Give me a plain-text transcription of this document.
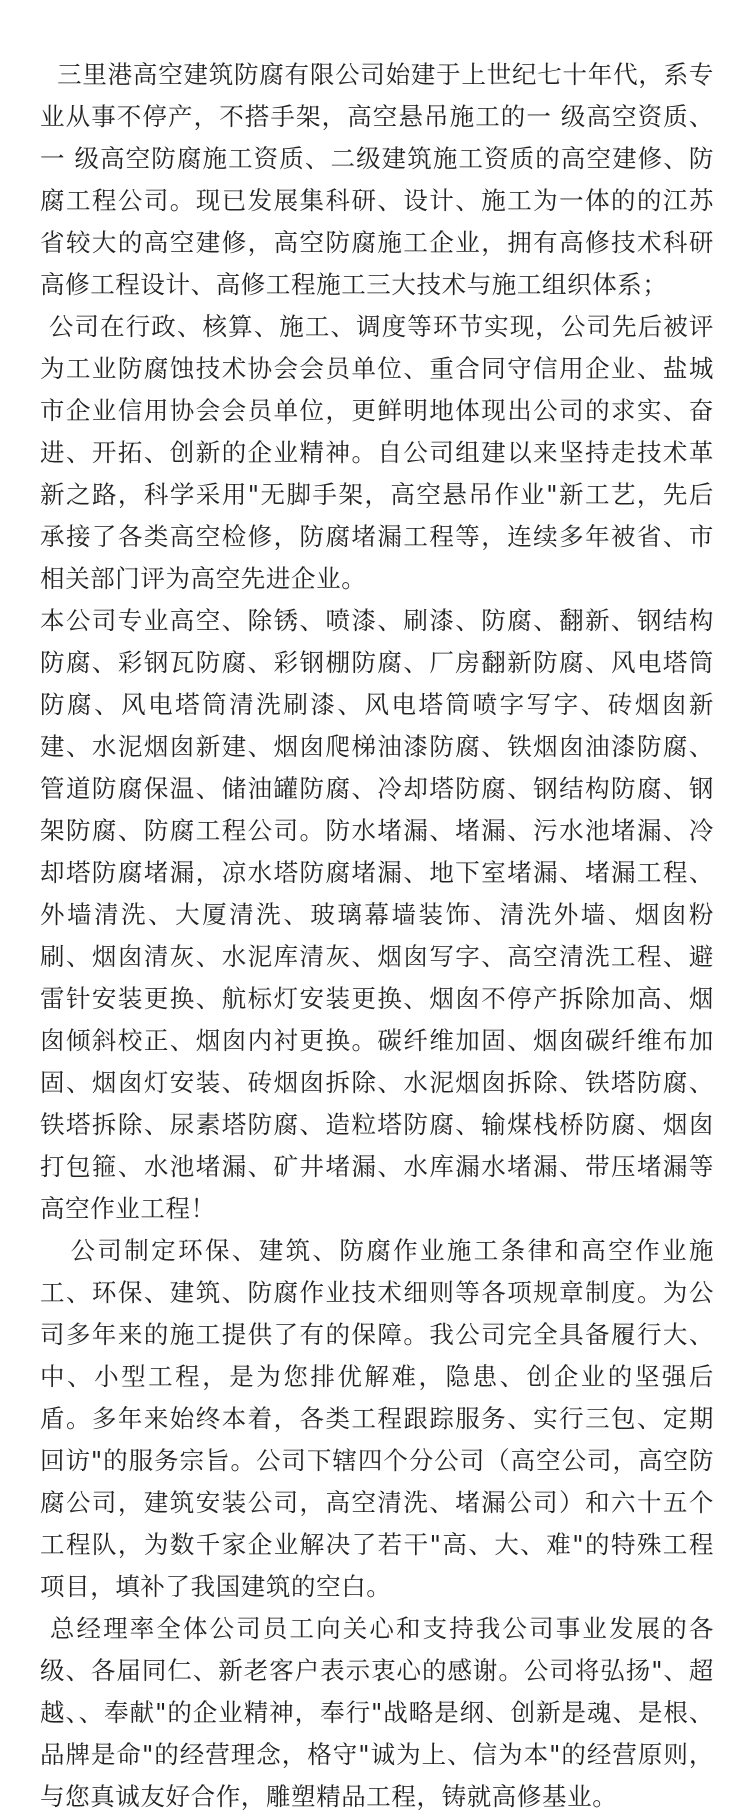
三里港高空建筑防腐有限公司始建于上世纪七十年代，系专业从事不停产，不搭手架，高空悬吊施工的一 级高空资质、一 级高空防腐施工资质、二级建筑施工资质的高空建修、防腐工程公司。现已发展集科研、设计、施工为一体的的江苏省较大的高空建修，高空防腐施工企业，拥有高修技术科研高修工程设计、高修工程施工三大技术与施工组织体系；

公司在行政、核算、施工、调度等环节实现，公司先后被评为工业防腐蚀技术协会会员单位、重合同守信用企业、盐城市企业信用协会会员单位，更鲜明地体现出公司的求实、奋进、开拓、创新的企业精神。自公司组建以来坚持走技术革新之路，科学采用"无脚手架，高空悬吊作业"新工艺，先后承接了各类高空检修，防腐堵漏工程等，连续多年被省、市相关部门评为高空先进企业。

本公司专业高空、除锈、喷漆、刷漆、防腐、翻新、钢结构防腐、彩钢瓦防腐、彩钢棚防腐、厂房翻新防腐、风电塔筒防腐、风电塔筒清洗刷漆、风电塔筒喷字写字、砖烟囱新建、水泥烟囱新建、烟囱爬梯油漆防腐、铁烟囱油漆防腐、管道防腐保温、储油罐防腐、冷却塔防腐、钢结构防腐、钢架防腐、防腐工程公司。防水堵漏、堵漏、污水池堵漏、冷却塔防腐堵漏，凉水塔防腐堵漏、地下室堵漏、堵漏工程、外墙清洗、大厦清洗、玻璃幕墙装饰、清洗外墙、烟囱粉刷、烟囱清灰、水泥库清灰、烟囱写字、高空清洗工程、避雷针安装更换、航标灯安装更换、烟囱不停产拆除加高、烟囱倾斜校正、烟囱内衬更换。碳纤维加固、烟囱碳纤维布加固、烟囱灯安装、砖烟囱拆除、水泥烟囱拆除、铁塔防腐、铁塔拆除、尿素塔防腐、造粒塔防腐、输煤栈桥防腐、烟囱打包箍、水池堵漏、矿井堵漏、水库漏水堵漏、带压堵漏等高空作业工程！

公司制定环保、建筑、防腐作业施工条律和高空作业施工、环保、建筑、防腐作业技术细则等各项规章制度。为公司多年来的施工提供了有的保障。我公司完全具备履行大、中、小型工程，是为您排优解难，隐患、创企业的坚强后盾。多年来始终本着，各类工程跟踪服务、实行三包、定期回访"的服务宗旨。公司下辖四个分公司（高空公司，高空防腐公司，建筑安装公司，高空清洗、堵漏公司）和六十五个工程队，为数千家企业解决了若干"高、大、难"的特殊工程项目，填补了我国建筑的空白。

总经理率全体公司员工向关心和支持我公司事业发展的各级、各届同仁、新老客户表示衷心的感谢。公司将弘扬"、超越、、奉献"的企业精神，奉行"战略是纲、创新是魂、是根、品牌是命"的经营理念，格守"诚为上、信为本"的经营原则，与您真诚友好合作，雕塑精品工程，铸就高修基业。
